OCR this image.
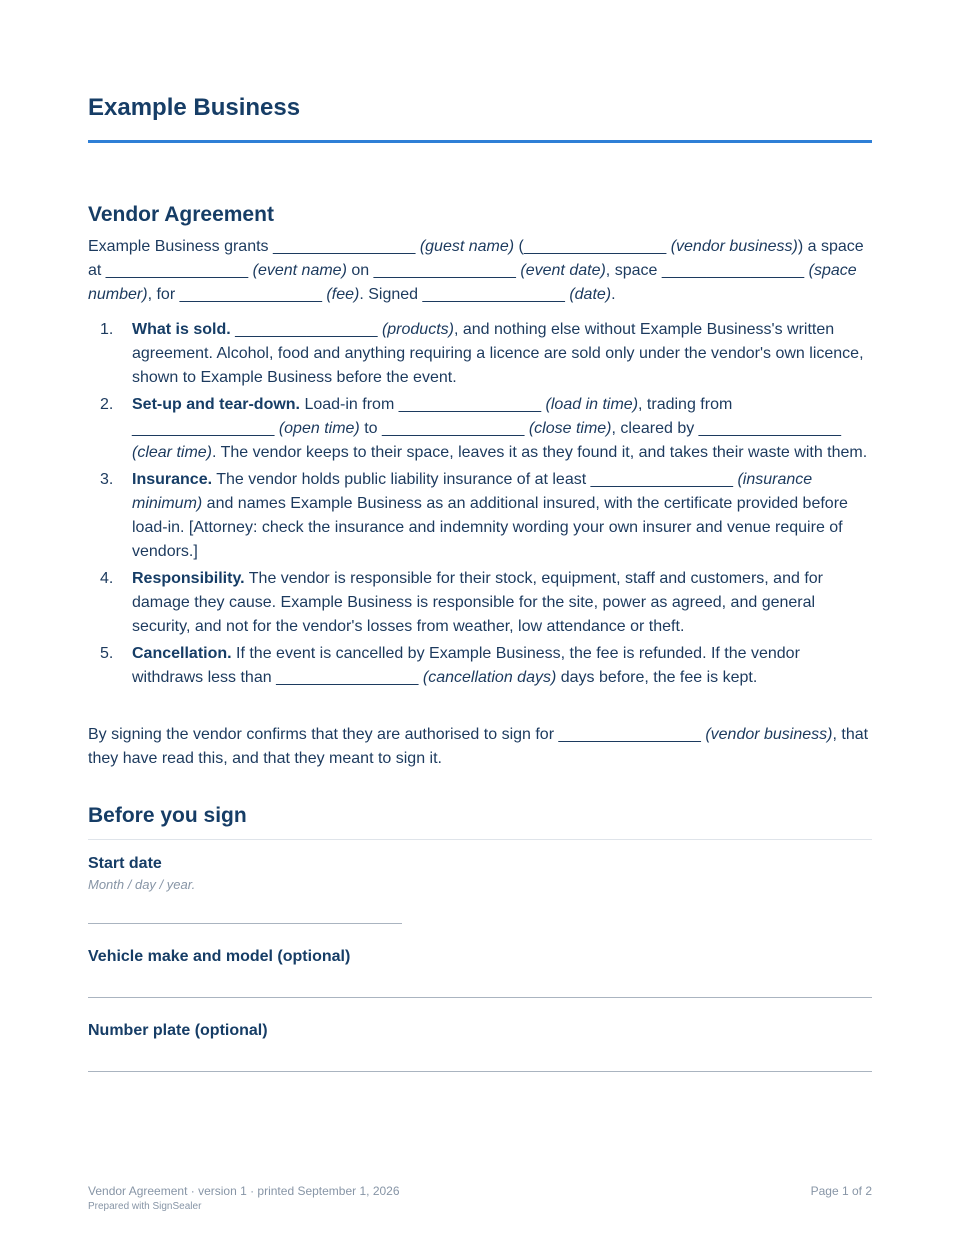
Example Business
Vendor Agreement

Example Business grants ________________ (guest name) (________________ (vendor business)) a space at ________________ (event name) on ________________ (event date), space ________________ (space number), for ________________ (fee). Signed ________________ (date).

1. What is sold. ________________ (products), and nothing else without Example Business's written agreement. Alcohol, food and anything requiring a licence are sold only under the vendor's own licence, shown to Example Business before the event.
2. Set-up and tear-down. Load-in from ________________ (load in time), trading from ________________ (open time) to ________________ (close time), cleared by ________________ (clear time). The vendor keeps to their space, leaves it as they found it, and takes their waste with them.
3. Insurance. The vendor holds public liability insurance of at least ________________ (insurance minimum) and names Example Business as an additional insured, with the certificate provided before load-in. [Attorney: check the insurance and indemnity wording your own insurer and venue require of vendors.]
4. Responsibility. The vendor is responsible for their stock, equipment, staff and customers, and for damage they cause. Example Business is responsible for the site, power as agreed, and general security, and not for the vendor's losses from weather, low attendance or theft.
5. Cancellation. If the event is cancelled by Example Business, the fee is refunded. If the vendor withdraws less than ________________ (cancellation days) days before, the fee is kept.

By signing the vendor confirms that they are authorised to sign for ________________ (vendor business), that they have read this, and that they meant to sign it.

Before you sign
Start date
Month / day / year.
Vehicle make and model (optional)
Number plate (optional)
Vendor Agreement · version 1 · printed September 1, 2026
Prepared with SignSealer
Page 1 of 2
